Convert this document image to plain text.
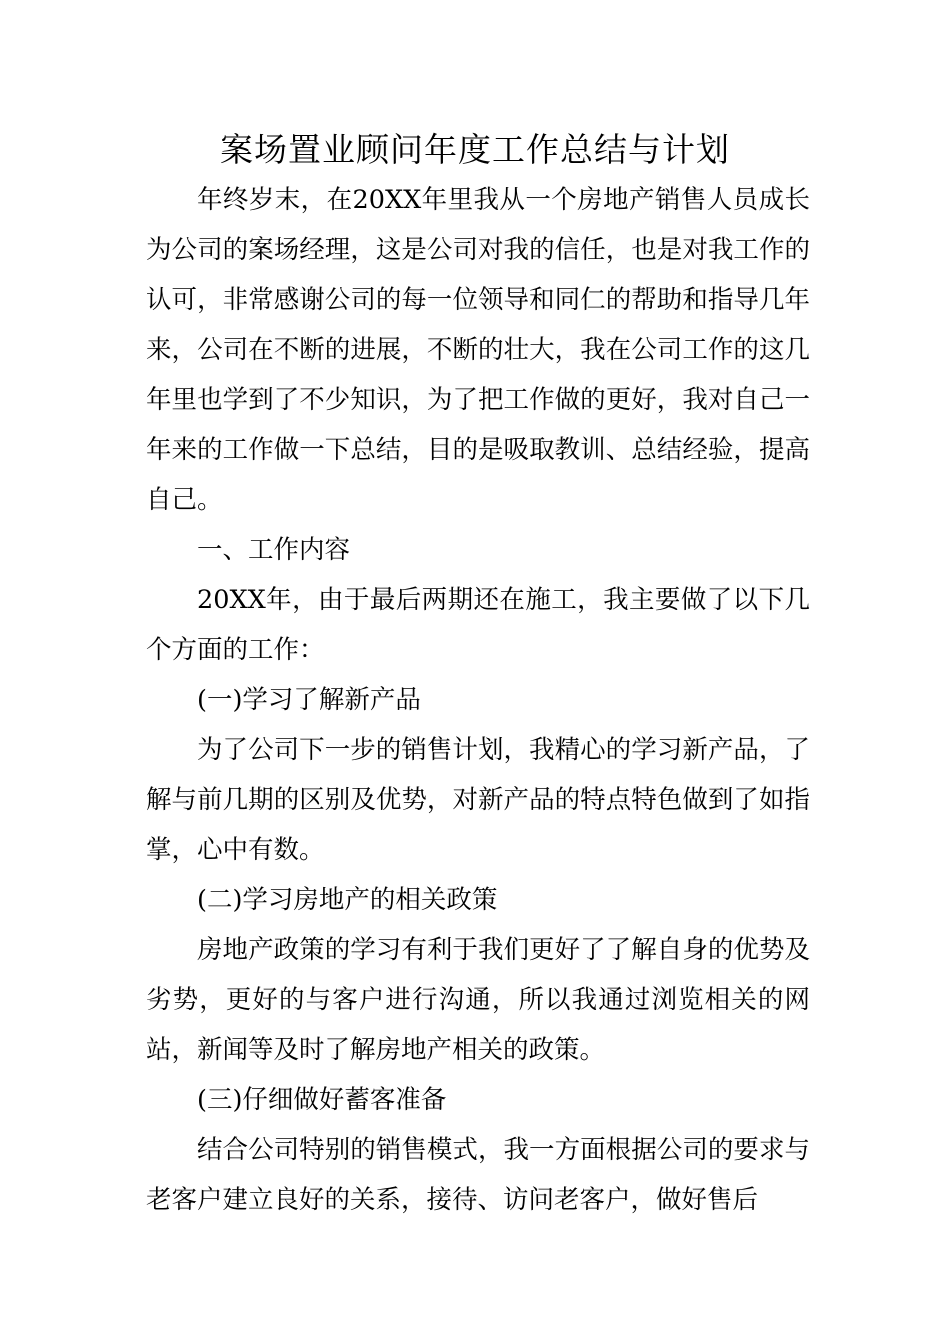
案场置业顾问年度工作总结与计划

年终岁末，在20XX年里我从一个房地产销售人员成长为公司的案场经理，这是公司对我的信任，也是对我工作的认可，非常感谢公司的每一位领导和同仁的帮助和指导几年来，公司在不断的进展，不断的壮大，我在公司工作的这几年里也学到了不少知识，为了把工作做的更好，我对自己一年来的工作做一下总结，目的是吸取教训、总结经验，提高自己。

一、工作内容

20XX年，由于最后两期还在施工，我主要做了以下几个方面的工作：

(一)学习了解新产品

为了公司下一步的销售计划，我精心的学习新产品，了解与前几期的区别及优势，对新产品的特点特色做到了如指掌，心中有数。

(二)学习房地产的相关政策

房地产政策的学习有利于我们更好了了解自身的优势及劣势，更好的与客户进行沟通，所以我通过浏览相关的网站，新闻等及时了解房地产相关的政策。

(三)仔细做好蓄客准备

结合公司特别的销售模式，我一方面根据公司的要求与老客户建立良好的关系，接待、访问老客户，做好售后
